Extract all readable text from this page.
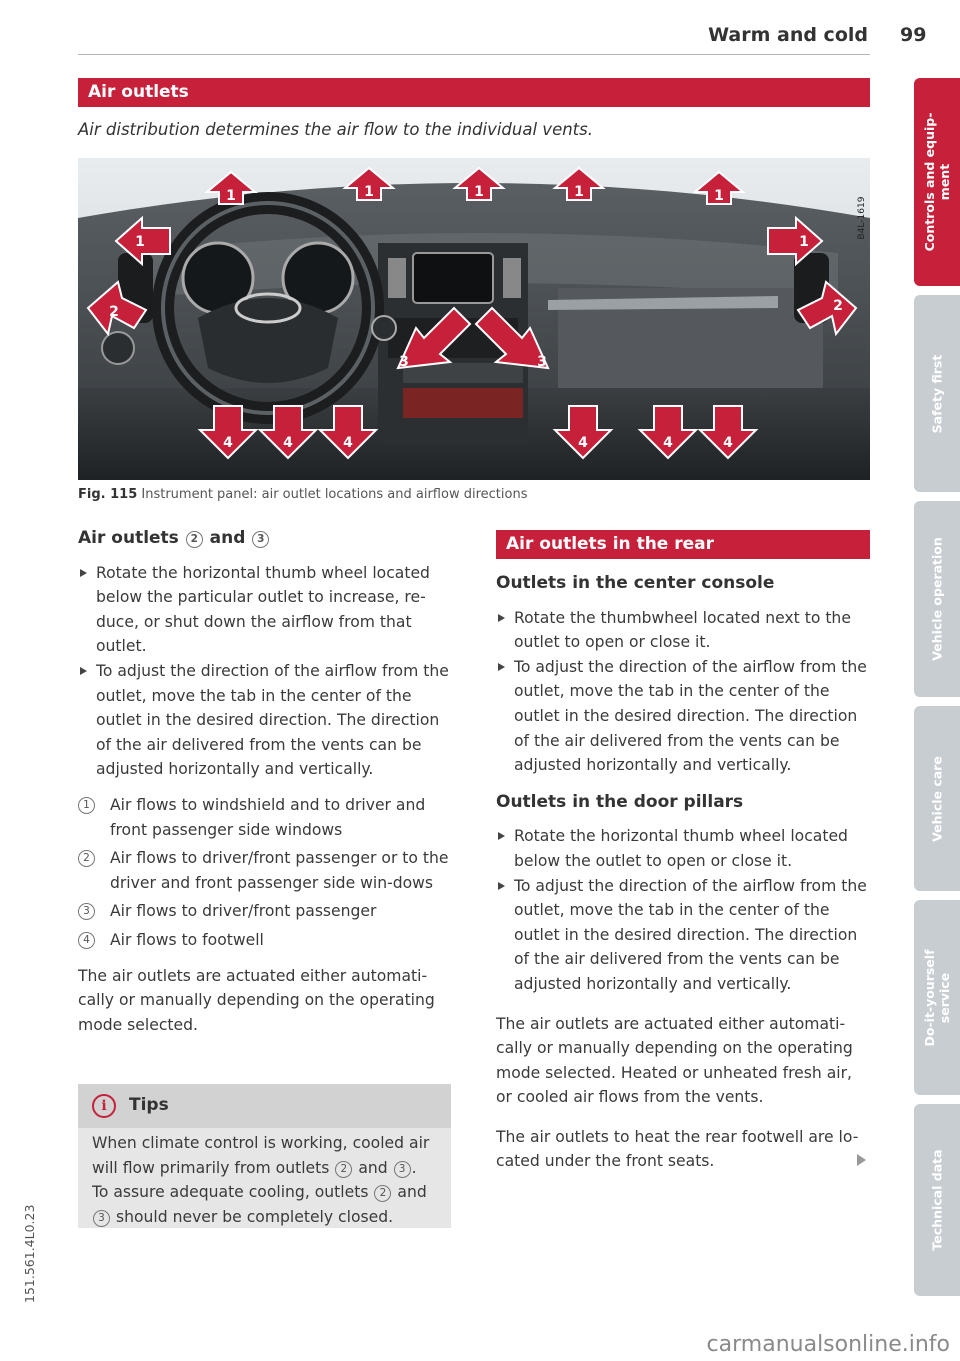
Warm and cold 99
Air outlets
Air distribution determines the air flow to the individual vents.
1	1	1	1	1
1	1
2	2
3	3
4	4	4	4	4	4
B4L-1619
Fig. 115 Instrument panel: air outlet locations and airflow directions
Air outlets 2 and 3

Rotate the horizontal thumb wheel located below the particular outlet to increase, re-duce, or shut down the airflow from that outlet.

To adjust the direction of the airflow from the outlet, move the tab in the center of the outlet in the desired direction. The direction of the air delivered from the vents can be adjusted horizontally and vertically.

1	Air flows to windshield and to driver and front passenger side windows

2	Air flows to driver/front passenger or to the driver and front passenger side win-dows

3	Air flows to driver/front passenger

4	Air flows to footwell

The air outlets are actuated either automati-cally or manually depending on the operating mode selected.

i	Tips
When climate control is working, cooled air will flow primarily from outlets 2 and 3 . To assure adequate cooling, outlets 2 and 3 should never be completely closed.
Air outlets in the rear
Outlets in the center console

Rotate the thumbwheel located next to the outlet to open or close it.

To adjust the direction of the airflow from the outlet, move the tab in the center of the outlet in the desired direction. The direction of the air delivered from the vents can be adjusted horizontally and vertically.

Outlets in the door pillars

Rotate the horizontal thumb wheel located below the outlet to open or close it.

To adjust the direction of the airflow from the outlet, move the tab in the center of the outlet in the desired direction. The direction of the air delivered from the vents can be adjusted horizontally and vertically.

The air outlets are actuated either automati-cally or manually depending on the operating mode selected. Heated or unheated fresh air, or cooled air flows from the vents.

The air outlets to heat the rear footwell are lo-cated under the front seats.

Controls and equip-ment
Safety first
Vehicle operation
Vehicle care
Do-it-yourself service
Technical data
151.561.4L0.23
carmanualsonline.info
